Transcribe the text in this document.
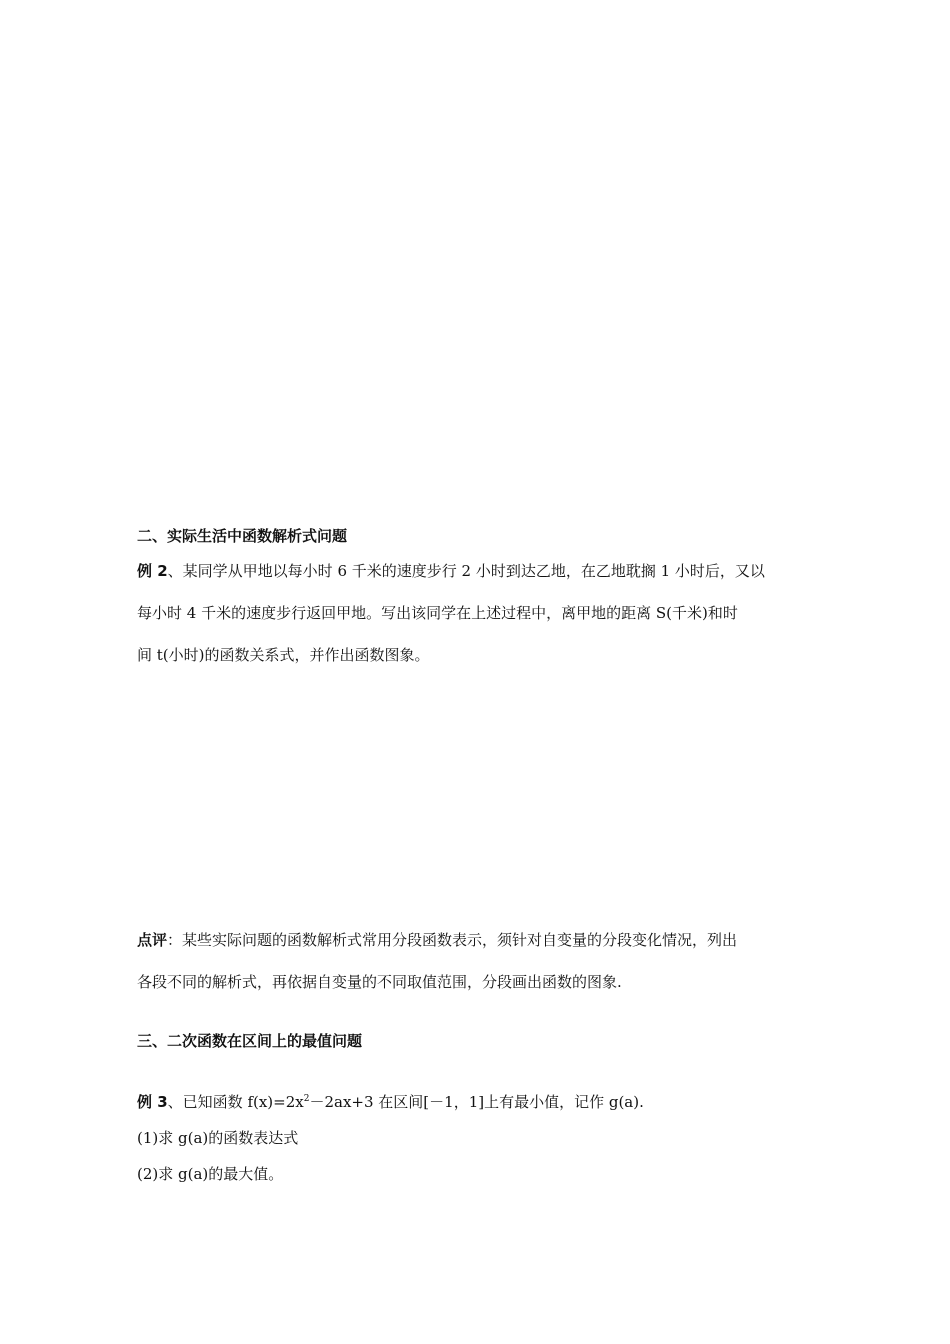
二、实际生活中函数解析式问题
例 2、某同学从甲地以每小时 6 千米的速度步行 2 小时到达乙地，在乙地耽搁 1 小时后，又以
每小时 4 千米的速度步行返回甲地。写出该同学在上述过程中，离甲地的距离 S(千米)和时
间 t(小时)的函数关系式，并作出函数图象。
点评：某些实际问题的函数解析式常用分段函数表示，须针对自变量的分段变化情况，列出
各段不同的解析式，再依据自变量的不同取值范围，分段画出函数的图象.
三、二次函数在区间上的最值问题
例 3、已知函数 $f(x)=2x^2-2ax+3$ 在区间[－1，1]上有最小值，记作 g(a).
(1)求 g(a)的函数表达式
(2)求 g(a)的最大值。
